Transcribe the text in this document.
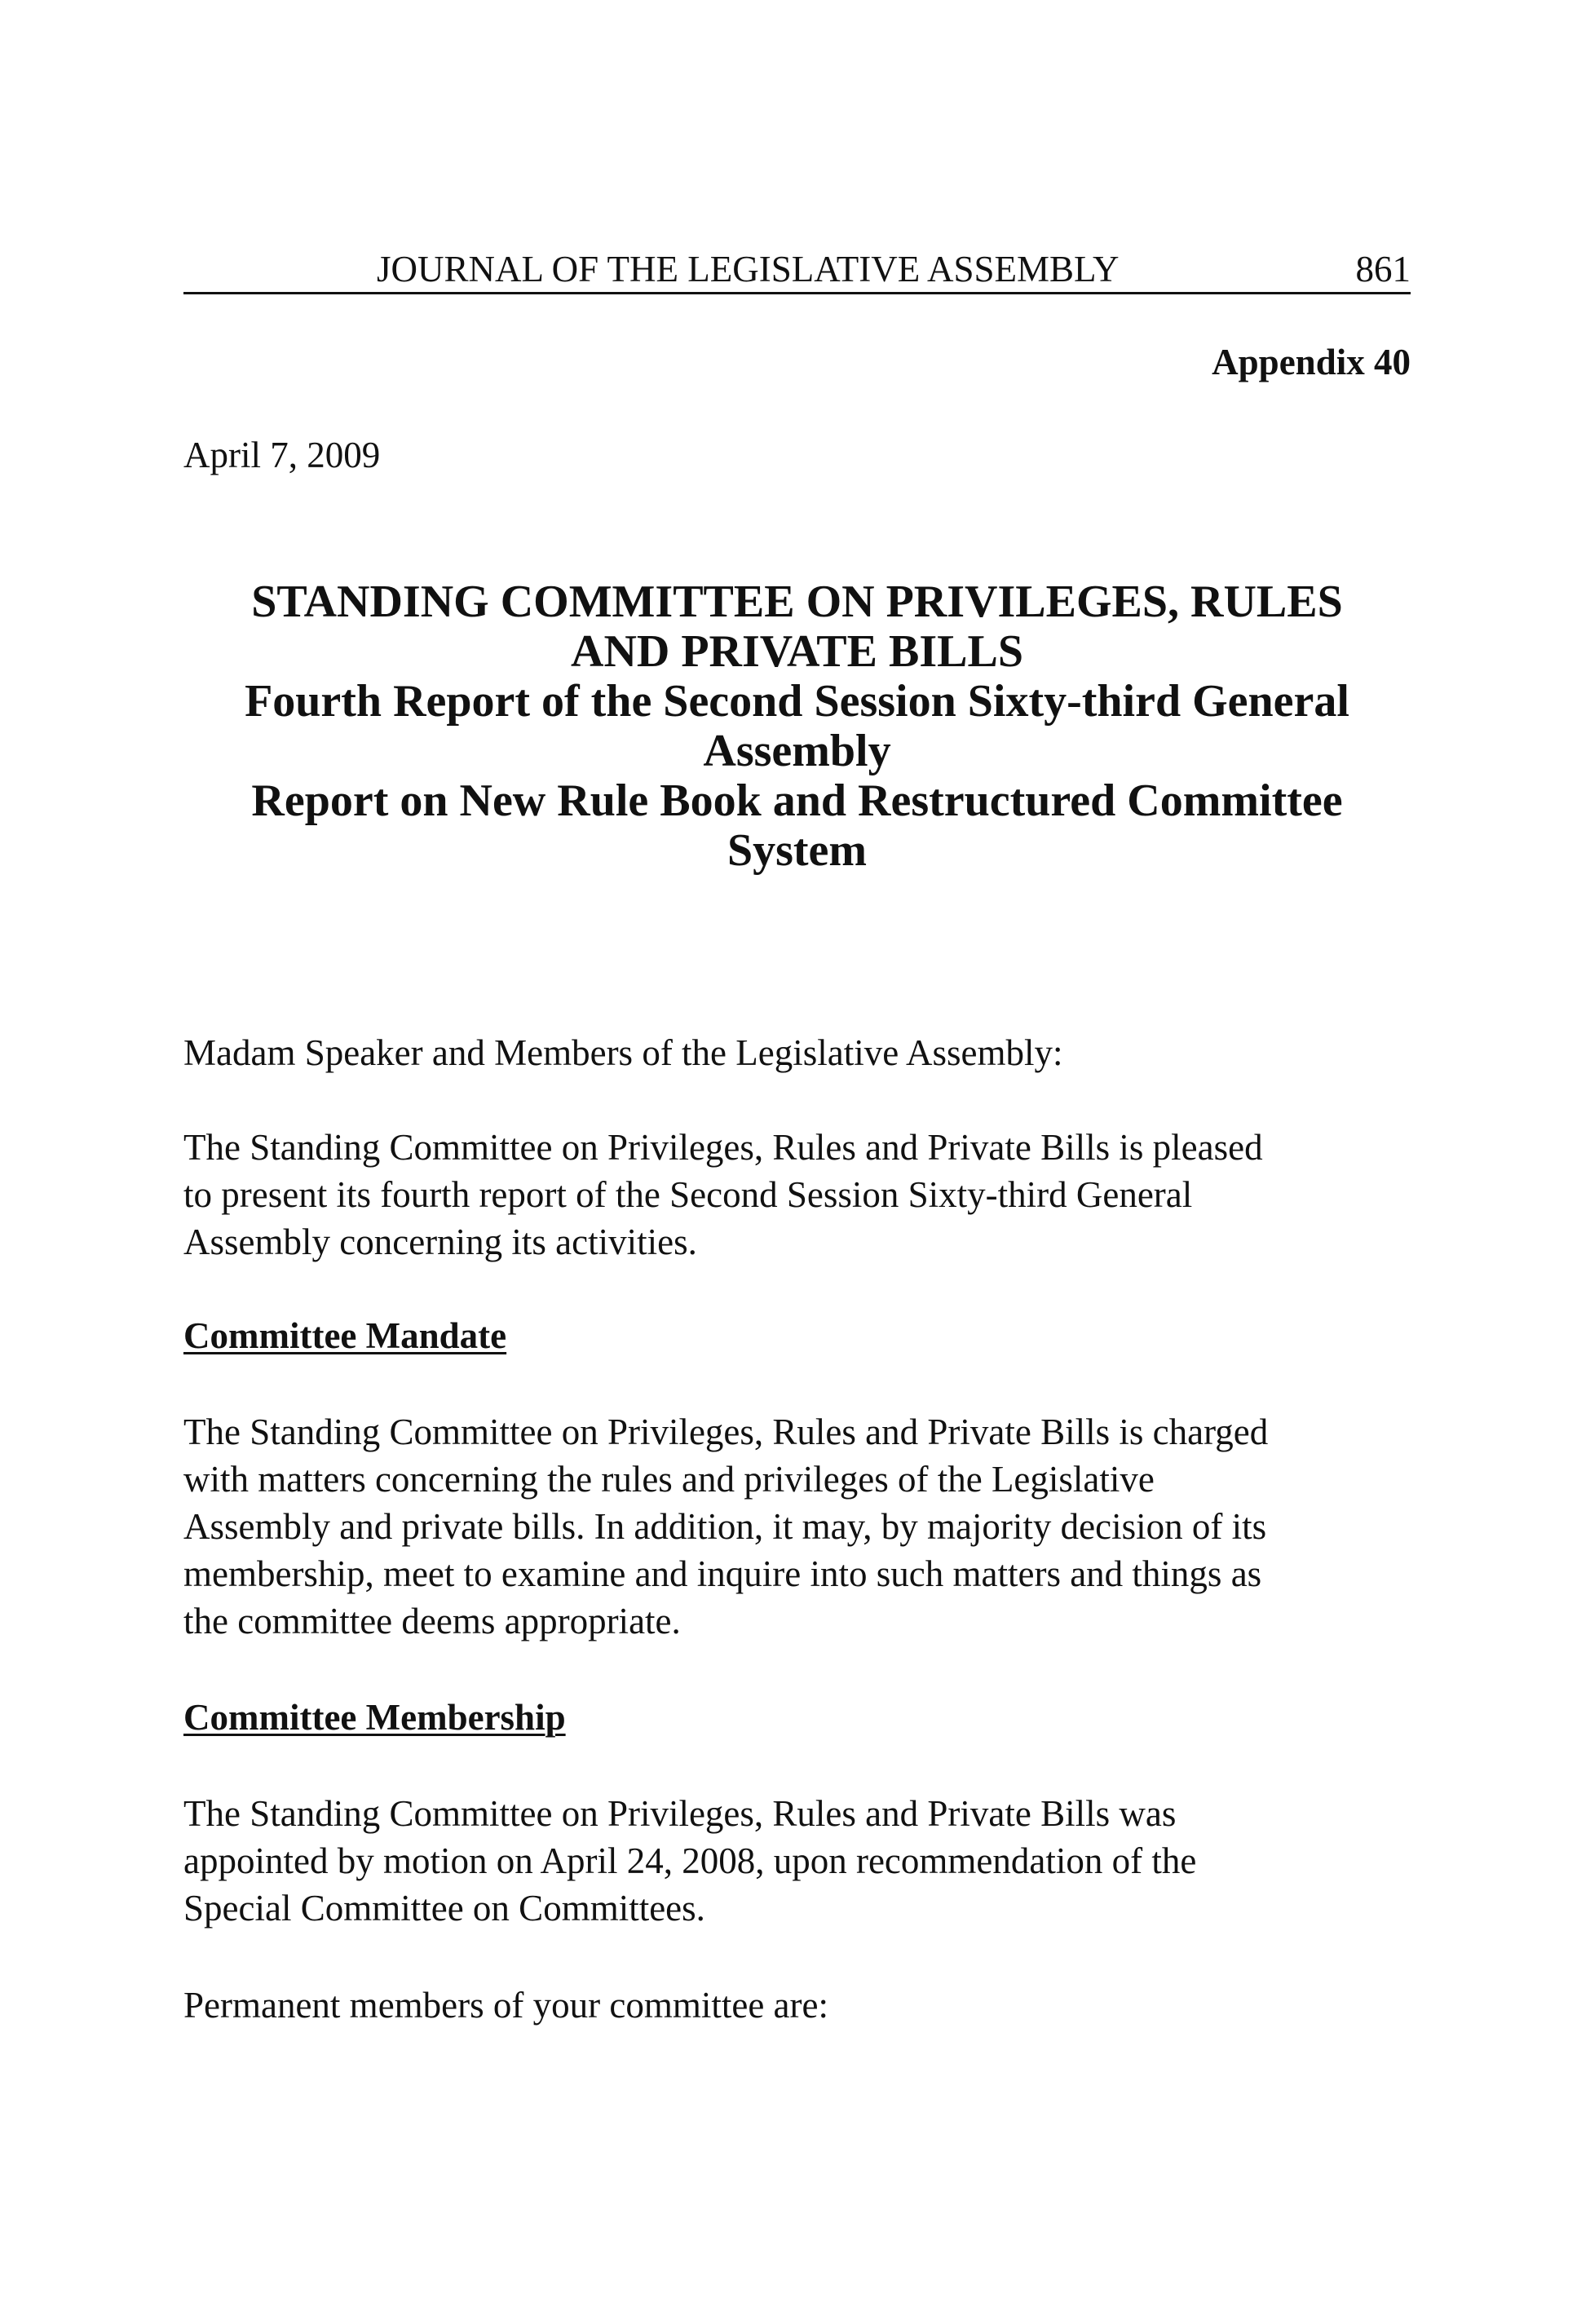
JOURNAL OF THE LEGISLATIVE ASSEMBLY	861
Appendix 40
April 7, 2009
STANDING COMMITTEE ON PRIVILEGES, RULES
AND PRIVATE BILLS
Fourth Report of the Second Session Sixty-third General
Assembly
Report on New Rule Book and Restructured Committee
System
Madam Speaker and Members of the Legislative Assembly:
The Standing Committee on Privileges, Rules and Private Bills is pleased
to present its fourth report of the Second Session Sixty-third General
Assembly concerning its activities.
Committee Mandate
The Standing Committee on Privileges, Rules and Private Bills is charged
with matters concerning the rules and privileges of the Legislative
Assembly and private bills. In addition, it may, by majority decision of its
membership, meet to examine and inquire into such matters and things as
the committee deems appropriate.
Committee Membership
The Standing Committee on Privileges, Rules and Private Bills was
appointed by motion on April 24, 2008, upon recommendation of the
Special Committee on Committees.
Permanent members of your committee are:
